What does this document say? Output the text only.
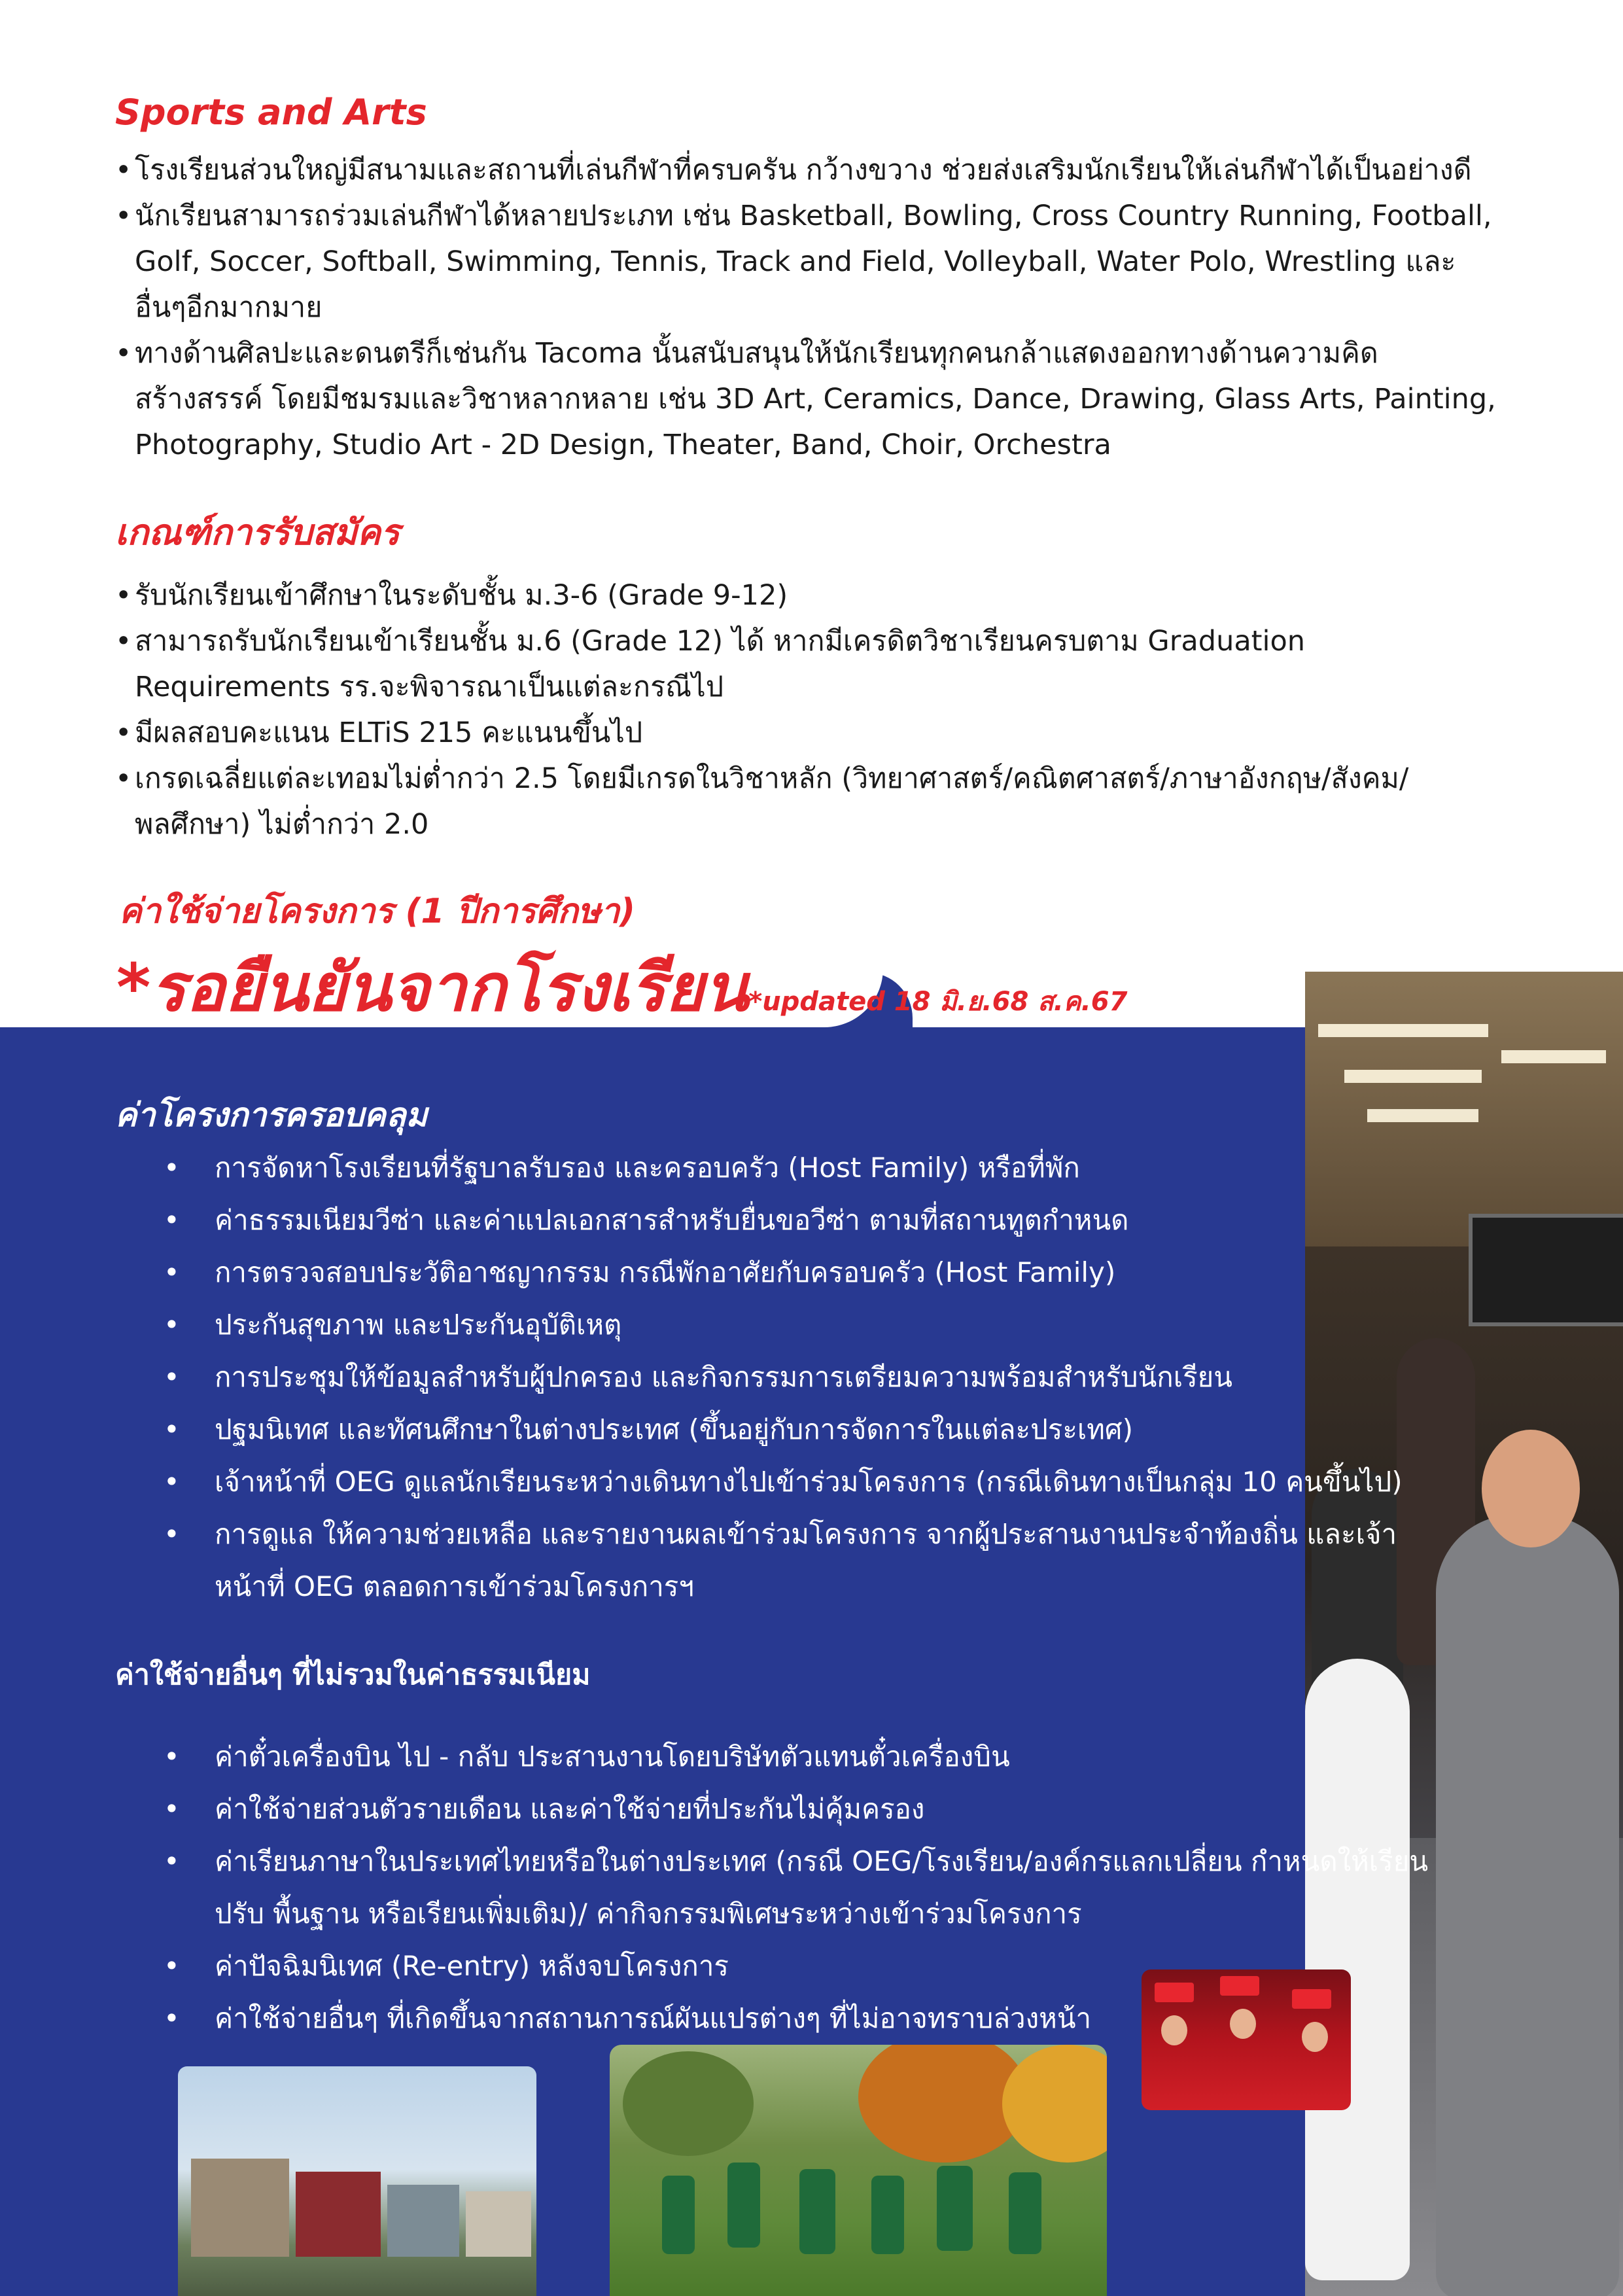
Sports and Arts
• โรงเรียนส่วนใหญ่มีสนามและสถานที่เล่นกีฬาที่ครบครัน กว้างขวาง ช่วยส่งเสริมนักเรียนให้เล่นกีฬาได้เป็นอย่างดี
• นักเรียนสามารถร่วมเล่นกีฬาได้หลายประเภท เช่น Basketball, Bowling, Cross Country Running, Football, Golf, Soccer, Softball, Swimming, Tennis, Track and Field, Volleyball, Water Polo, Wrestling และอื่นๆอีกมากมาย
• ทางด้านศิลปะและดนตรีก็เช่นกัน Tacoma นั้นสนับสนุนให้นักเรียนทุกคนกล้าแสดงออกทางด้านความคิดสร้างสรรค์ โดยมีชมรมและวิชาหลากหลาย เช่น 3D Art, Ceramics, Dance, Drawing, Glass Arts, Painting, Photography, Studio Art - 2D Design, Theater, Band, Choir, Orchestra
เกณฑ์การรับสมัคร
• รับนักเรียนเข้าศึกษาในระดับชั้น ม.3-6 (Grade 9-12)
• สามารถรับนักเรียนเข้าเรียนชั้น ม.6 (Grade 12) ได้ หากมีเครดิตวิชาเรียนครบตาม Graduation Requirements รร.จะพิจารณาเป็นแต่ละกรณีไป
• มีผลสอบคะแนน ELTiS 215 คะแนนขึ้นไป
• เกรดเฉลี่ยแต่ละเทอมไม่ต่ำกว่า 2.5 โดยมีเกรดในวิชาหลัก (วิทยาศาสตร์/คณิตศาสตร์/ภาษาอังกฤษ/สังคม/พลศึกษา) ไม่ต่ำกว่า 2.0
ค่าใช้จ่ายโครงการ (1 ปีการศึกษา)
*รอยืนยันจากโรงเรียน*updated 18 มิ.ย.68 ส.ค.67
ค่าโครงการครอบคลุม
• การจัดหาโรงเรียนที่รัฐบาลรับรอง และครอบครัว (Host Family) หรือที่พัก
• ค่าธรรมเนียมวีซ่า และค่าแปลเอกสารสำหรับยื่นขอวีซ่า ตามที่สถานทูตกำหนด
• การตรวจสอบประวัติอาชญากรรม กรณีพักอาศัยกับครอบครัว (Host Family)
• ประกันสุขภาพ และประกันอุบัติเหตุ
• การประชุมให้ข้อมูลสำหรับผู้ปกครอง และกิจกรรมการเตรียมความพร้อมสำหรับนักเรียน
• ปฐมนิเทศ และทัศนศึกษาในต่างประเทศ (ขึ้นอยู่กับการจัดการในแต่ละประเทศ)
• เจ้าหน้าที่ OEG ดูแลนักเรียนระหว่างเดินทางไปเข้าร่วมโครงการ (กรณีเดินทางเป็นกลุ่ม 10 คนขึ้นไป)
• การดูแล ให้ความช่วยเหลือ และรายงานผลเข้าร่วมโครงการ จากผู้ประสานงานประจำท้องถิ่น และเจ้าหน้าที่ OEG ตลอดการเข้าร่วมโครงการฯ
ค่าใช้จ่ายอื่นๆ ที่ไม่รวมในค่าธรรมเนียม
• ค่าตั๋วเครื่องบิน ไป - กลับ ประสานงานโดยบริษัทตัวแทนตั๋วเครื่องบิน
• ค่าใช้จ่ายส่วนตัวรายเดือน และค่าใช้จ่ายที่ประกันไม่คุ้มครอง
• ค่าเรียนภาษาในประเทศไทยหรือในต่างประเทศ (กรณี OEG/โรงเรียน/องค์กรแลกเปลี่ยน กำหนดให้เรียนปรับ พื้นฐาน หรือเรียนเพิ่มเติม)/ ค่ากิจกรรมพิเศษระหว่างเข้าร่วมโครงการ
• ค่าปัจฉิมนิเทศ (Re-entry) หลังจบโครงการ
• ค่าใช้จ่ายอื่นๆ ที่เกิดขึ้นจากสถานการณ์ผันแปรต่างๆ ที่ไม่อาจทราบล่วงหน้า
